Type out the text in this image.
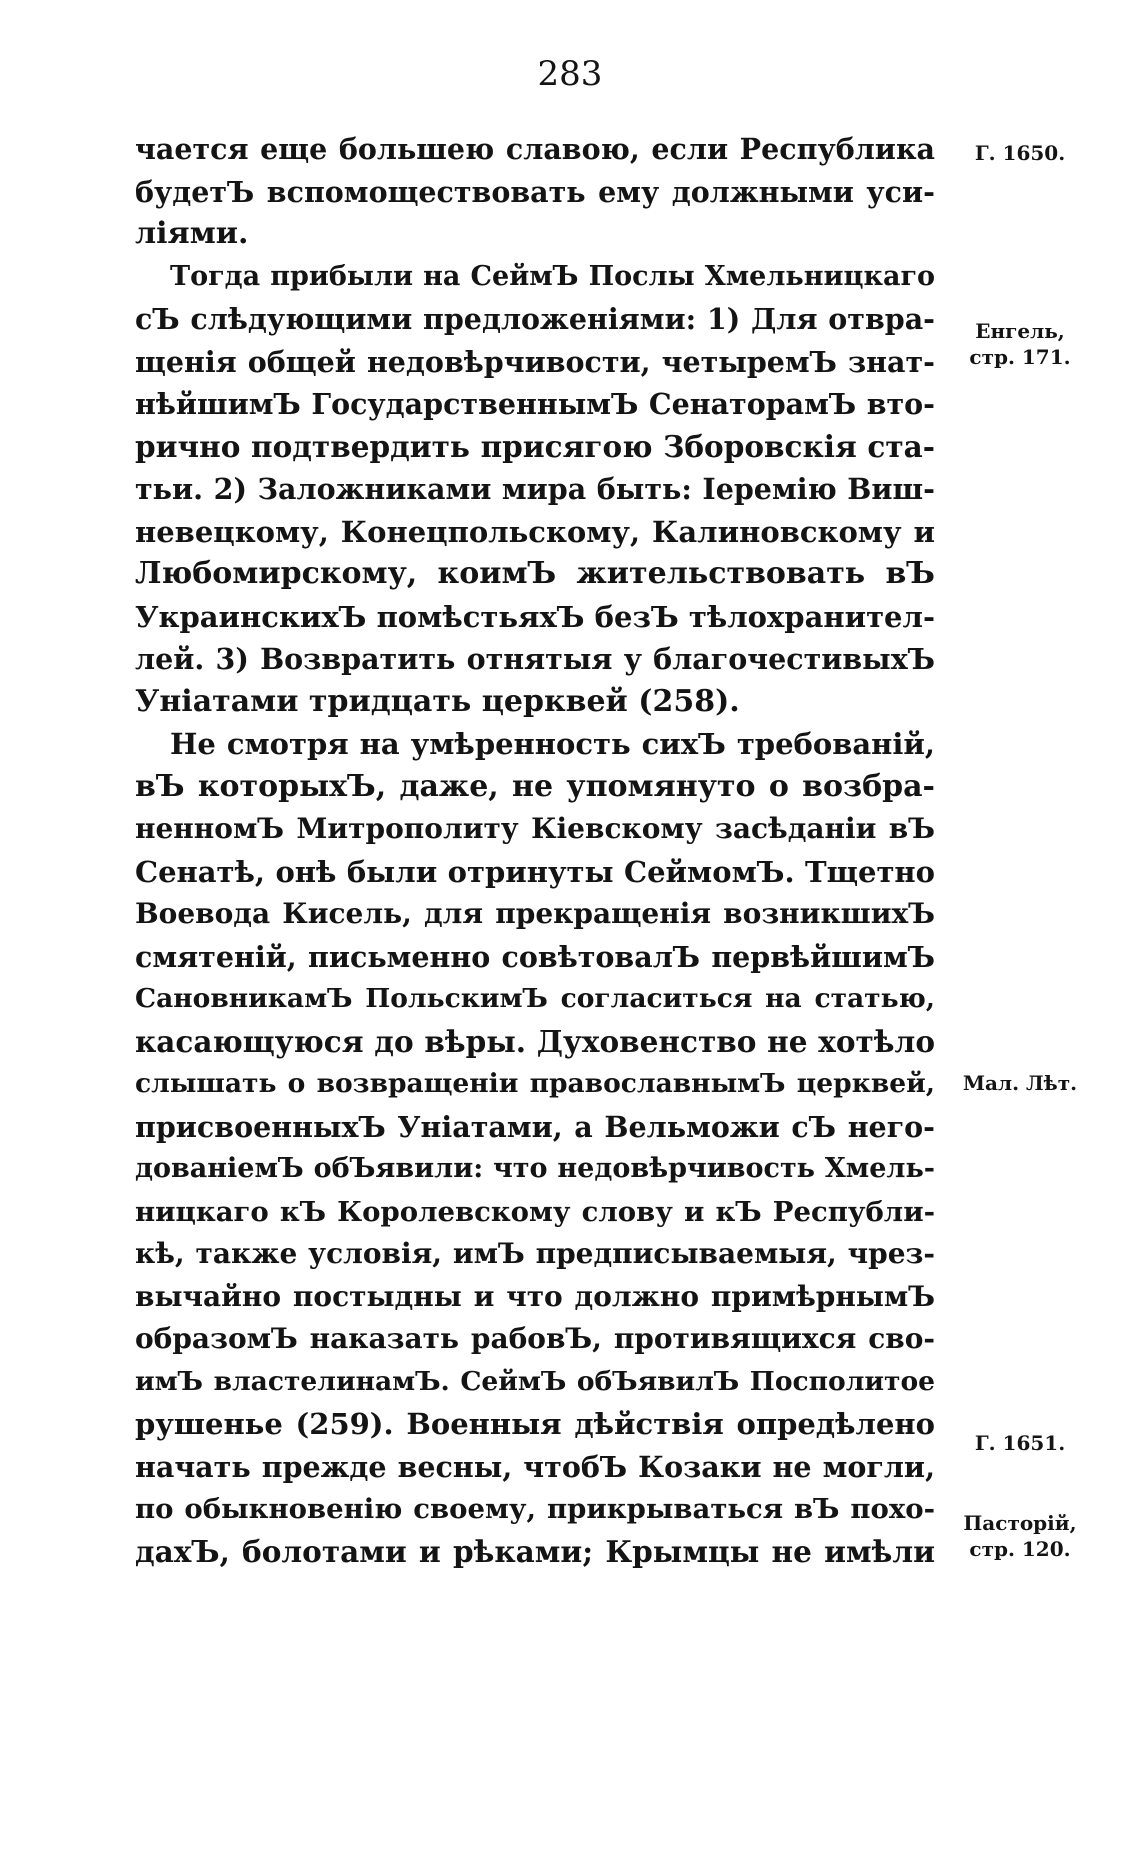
283
чается еще большею славою, если Республика
будетЪ вспомоществовать ему должными уси-
ліями.
Тогда прибыли на СеймЪ Послы Хмельницкаго
сЪ слѣдующими предложеніями: 1) Для отвра-
щенія общей недовѣрчивости, четыремЪ знат-
нѣйшимЪ ГосударственнымЪ СенаторамЪ вто-
рично подтвердить присягою Зборовскія ста-
тьи. 2) Заложниками мира быть: Іеремію Виш-
невецкому, Конецпольскому, Калиновскому и
Любомирскому, коимЪ жительствовать вЪ
УкраинскихЪ помѣстьяхЪ безЪ тѣлохранител-
лей. 3) Возвратить отнятыя у благочестивыхЪ
Уніатами тридцать церквей (258).
Не смотря на умѣренность сихЪ требованій,
вЪ которыхЪ, даже, не упомянуто о возбра-
ненномЪ Митрополиту Кіевскому засѣданіи вЪ
Сенатѣ, онѣ были отринуты СеймомЪ. Тщетно
Воевода Кисель, для прекращенія возникшихЪ
смятеній, письменно совѣтовалЪ первѣйшимЪ
СановникамЪ ПольскимЪ согласиться на статью,
касающуюся до вѣры. Духовенство не хотѣло
слышать о возвращеніи православнымЪ церквей,
присвоенныхЪ Уніатами, а Вельможи сЪ него-
дованіемЪ обЪявили: что недовѣрчивость Хмель-
ницкаго кЪ Королевскому слову и кЪ Республи-
кѣ, также условія, имЪ предписываемыя, чрез-
вычайно постыдны и что должно примѣрнымЪ
образомЪ наказать рабовЪ, противящихся сво-
имЪ властелинамЪ. СеймЪ обЪявилЪ Посполитое
рушенье (259). Военныя дѣйствія опредѣлено
начать прежде весны, чтобЪ Козаки не могли,
по обыкновенію своему, прикрываться вЪ похо-
дахЪ, болотами и рѣками; Крымцы не имѣли
Г. 1650.
Енгель,
стр. 171.
Мал. Лѣт.
Г. 1651.
Пасторій,
стр. 120.
